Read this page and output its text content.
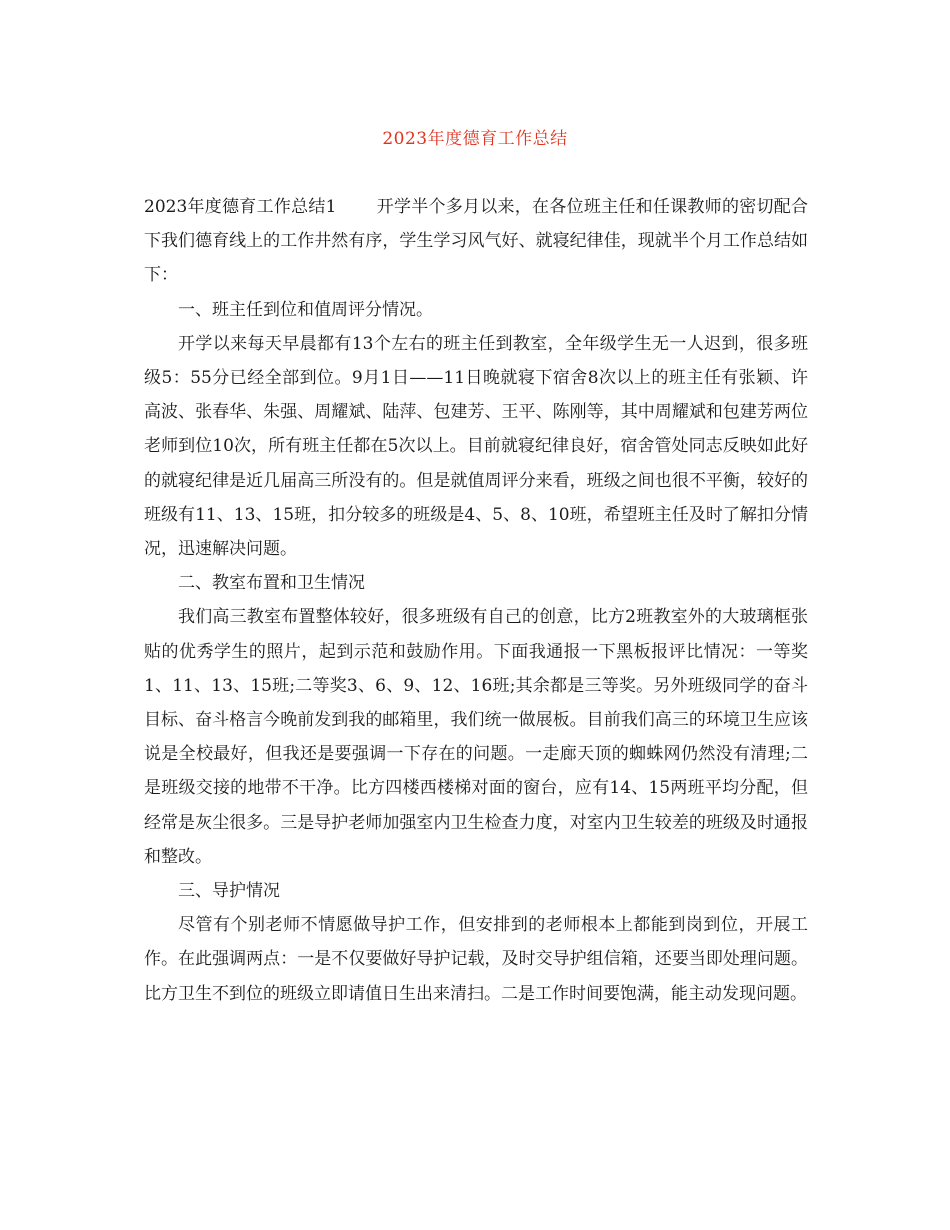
2023年度德育工作总结

2023年度德育工作总结1 开学半个多月以来，在各位班主任和任课教师的密切配合下我们德育线上的工作井然有序，学生学习风气好、就寝纪律佳，现就半个月工作总结如下：

一、班主任到位和值周评分情况。

开学以来每天早晨都有13个左右的班主任到教室，全年级学生无一人迟到，很多班级5：55分已经全部到位。9月1日——11日晚就寝下宿舍8次以上的班主任有张颖、许高波、张春华、朱强、周耀斌、陆萍、包建芳、王平、陈刚等，其中周耀斌和包建芳两位老师到位10次，所有班主任都在5次以上。目前就寝纪律良好，宿舍管处同志反映如此好的就寝纪律是近几届高三所没有的。但是就值周评分来看，班级之间也很不平衡，较好的班级有11、13、15班，扣分较多的班级是4、5、8、10班，希望班主任及时了解扣分情况，迅速解决问题。

二、教室布置和卫生情况

我们高三教室布置整体较好，很多班级有自己的创意，比方2班教室外的大玻璃框张贴的优秀学生的照片，起到示范和鼓励作用。下面我通报一下黑板报评比情况：一等奖1、11、13、15班;二等奖3、6、9、12、16班;其余都是三等奖。另外班级同学的奋斗目标、奋斗格言今晚前发到我的邮箱里，我们统一做展板。目前我们高三的环境卫生应该说是全校最好，但我还是要强调一下存在的问题。一走廊天顶的蜘蛛网仍然没有清理;二是班级交接的地带不干净。比方四楼西楼梯对面的窗台，应有14、15两班平均分配，但经常是灰尘很多。三是导护老师加强室内卫生检查力度，对室内卫生较差的班级及时通报和整改。

三、导护情况

尽管有个别老师不情愿做导护工作，但安排到的老师根本上都能到岗到位，开展工作。在此强调两点：一是不仅要做好导护记载，及时交导护组信箱，还要当即处理问题。比方卫生不到位的班级立即请值日生出来清扫。二是工作时间要饱满，能主动发现问题。
